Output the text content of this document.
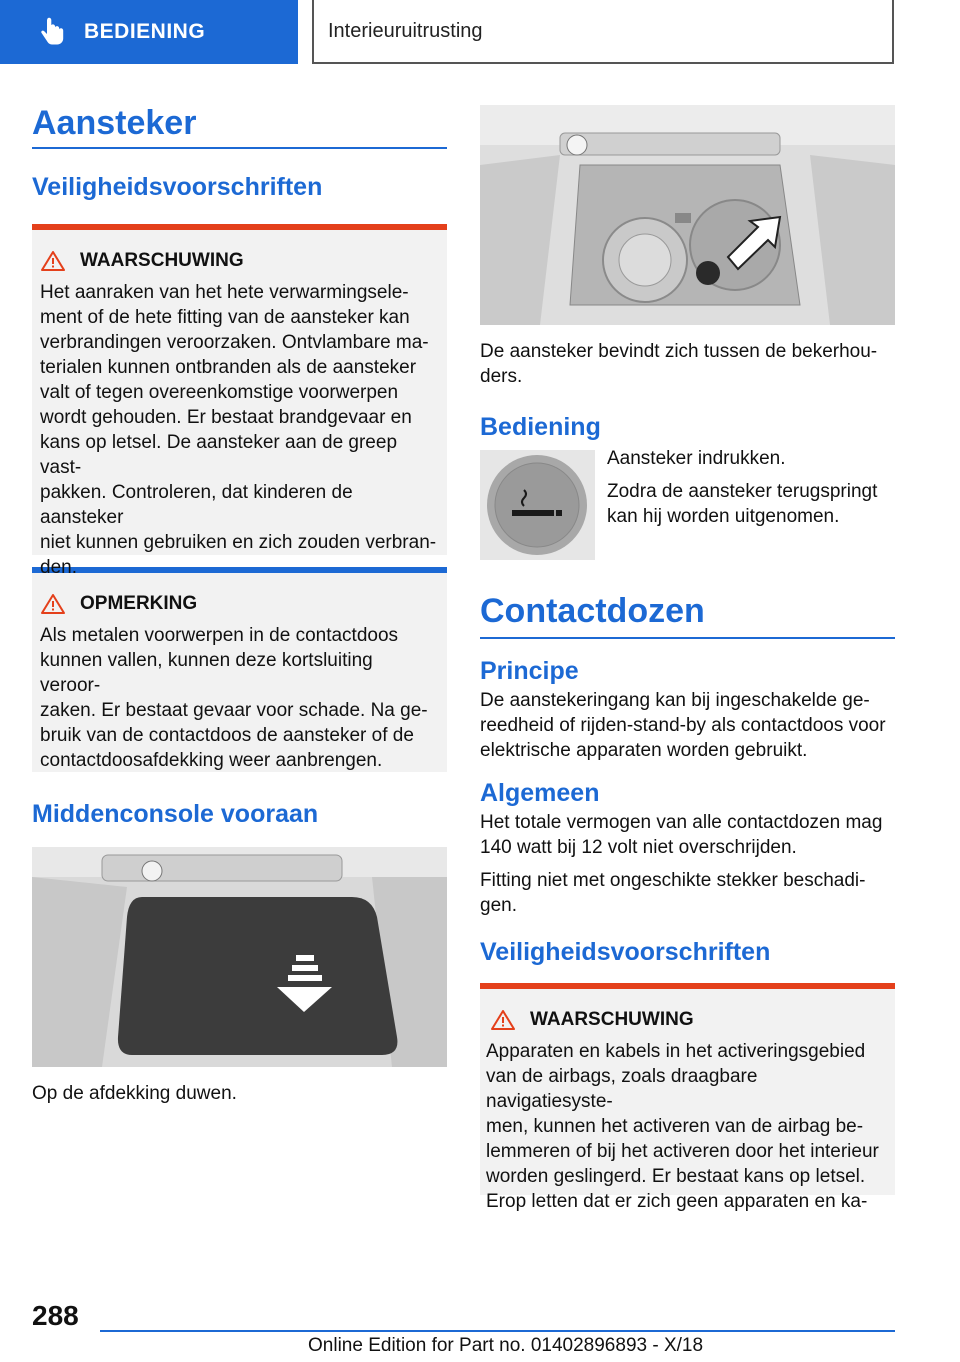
BEDIENING	Interieuruitrusting
Aansteker
Veiligheidsvoorschriften
WAARSCHUWING

Het aanraken van het hete verwarmingsele-

ment of de hete fitting van de aansteker kan

verbrandingen veroorzaken. Ontvlambare ma-

terialen kunnen ontbranden als de aansteker

valt of tegen overeenkomstige voorwerpen

wordt gehouden. Er bestaat brandgevaar en

kans op letsel. De aansteker aan de greep vast-

pakken. Controleren, dat kinderen de aansteker

niet kunnen gebruiken en zich zouden verbran-

den.

OPMERKING

Als metalen voorwerpen in de contactdoos

kunnen vallen, kunnen deze kortsluiting veroor-

zaken. Er bestaat gevaar voor schade. Na ge-

bruik van de contactdoos de aansteker of de

contactdoosafdekking weer aanbrengen.

Middenconsole vooraan

Op de afdekking duwen.

De aansteker bevindt zich tussen de bekerhou-

ders.

Bediening

Aansteker indrukken.

Zodra de aansteker terugspringt

kan hij worden uitgenomen.

Contactdozen
Principe

De aanstekeringang kan bij ingeschakelde ge-

reedheid of rijden-stand-by als contactdoos voor

elektrische apparaten worden gebruikt.

Algemeen

Het totale vermogen van alle contactdozen mag

140 watt bij 12 volt niet overschrijden.

Fitting niet met ongeschikte stekker beschadi-

gen.

Veiligheidsvoorschriften
WAARSCHUWING

Apparaten en kabels in het activeringsgebied

van de airbags, zoals draagbare navigatiesyste-

men, kunnen het activeren van de airbag be-

lemmeren of bij het activeren door het interieur

worden geslingerd. Er bestaat kans op letsel.

Erop letten dat er zich geen apparaten en ka-

288
Online Edition for Part no. 01402896893 - X/18
